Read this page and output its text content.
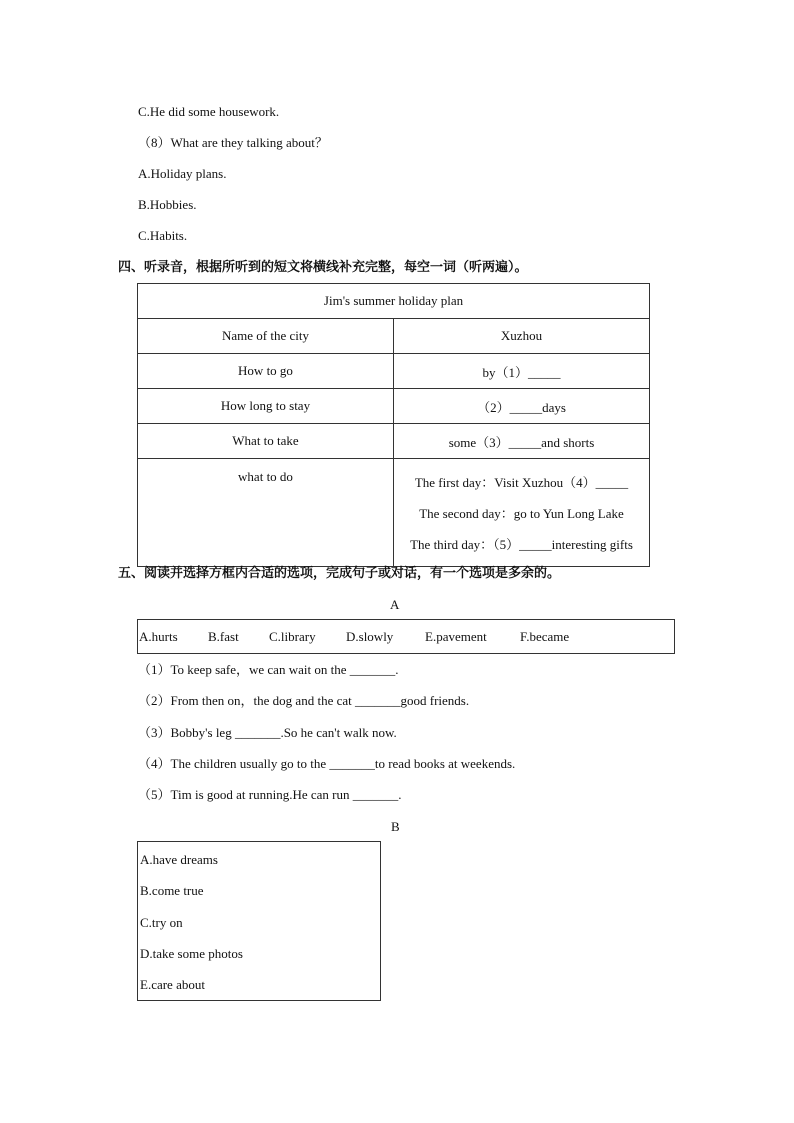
C.He did some housework.
（8）What are they talking about？
A.Holiday plans.
B.Hobbies.
C.Habits.
四、听录音，根据所听到的短文将横线补充完整，每空一词（听两遍）。
Jim's summer holiday plan	
Name of the city	Xuzhou
How to go	by（1）_____
How long to stay	（2）_____days
What to take	some（3）_____and shorts
what to do	The first day：Visit Xuzhou（4）_____
The second day：go to Yun Long Lake
The third day：（5）_____interesting gifts
五、阅读并选择方框内合适的选项，完成句子或对话，有一个选项是多余的。
A
A.hurts B.fast C.library D.slowly E.pavement	F.became
（1）To keep safe，we can wait on the _______.
（2）From then on，the dog and the cat _______good friends.
（3）Bobby's leg _______.So he can't walk now.
（4）The children usually go to the _______to read books at weekends.
（5）Tim is good at running.He can run _______.
B
A.have dreams
B.come true
C.try on
D.take some photos
E.care about
